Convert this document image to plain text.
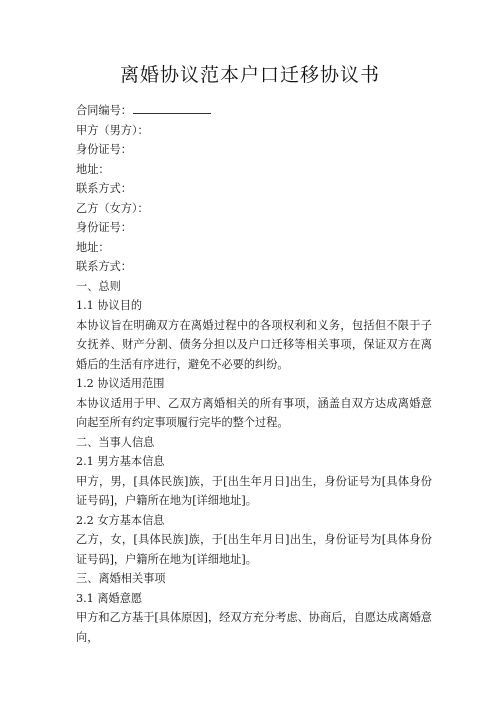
离婚协议范本户口迁移协议书
合同编号：
甲方（男方）：
身份证号：
地址：
联系方式：
乙方（女方）：
身份证号：
地址：
联系方式：
一、总则
1.1 协议目的
本协议旨在明确双方在离婚过程中的各项权利和义务，包括但不限于子女抚养、财产分割、债务分担以及户口迁移等相关事项，保证双方在离婚后的生活有序进行，避免不必要的纠纷。
1.2 协议适用范围
本协议适用于甲、乙双方离婚相关的所有事项，涵盖自双方达成离婚意向起至所有约定事项履行完毕的整个过程。
二、当事人信息
2.1 男方基本信息
甲方，男，[具体民族]族，于[出生年月日]出生，身份证号为[具体身份证号码]，户籍所在地为[详细地址]。
2.2 女方基本信息
乙方，女，[具体民族]族，于[出生年月日]出生，身份证号为[具体身份证号码]，户籍所在地为[详细地址]。
三、离婚相关事项
3.1 离婚意愿
甲方和乙方基于[具体原因]，经双方充分考虑、协商后，自愿达成离婚意向，
